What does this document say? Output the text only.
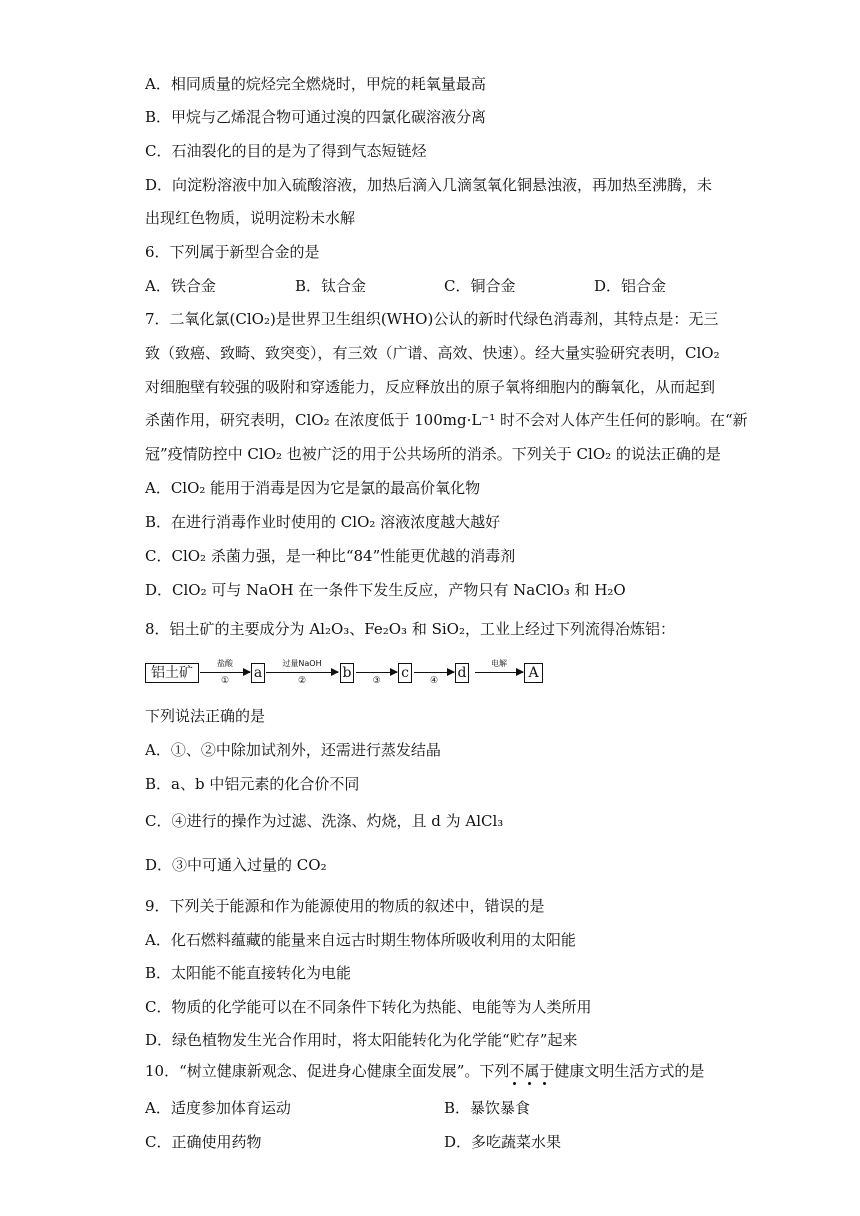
A．相同质量的烷烃完全燃烧时，甲烷的耗氧量最高
B．甲烷与乙烯混合物可通过溴的四氯化碳溶液分离
C．石油裂化的目的是为了得到气态短链烃
D．向淀粉溶液中加入硫酸溶液，加热后滴入几滴氢氧化铜悬浊液，再加热至沸腾，未
出现红色物质，说明淀粉未水解
6．下列属于新型合金的是
A．铁合金	B．钛合金	C．铜合金	D．铝合金
7．二氧化氯(ClO₂)是世界卫生组织(WHO)公认的新时代绿色消毒剂，其特点是：无三
致（致癌、致畸、致突变），有三效（广谱、高效、快速）。经大量实验研究表明，ClO₂
对细胞壁有较强的吸附和穿透能力，反应释放出的原子氧将细胞内的酶氧化，从而起到
杀菌作用，研究表明，ClO₂ 在浓度低于 100mg·L⁻¹ 时不会对人体产生任何的影响。在“新
冠”疫情防控中 ClO₂ 也被广泛的用于公共场所的消杀。下列关于 ClO₂ 的说法正确的是
A．ClO₂ 能用于消毒是因为它是氯的最高价氧化物
B．在进行消毒作业时使用的 ClO₂ 溶液浓度越大越好
C．ClO₂ 杀菌力强，是一种比“84”性能更优越的消毒剂
D．ClO₂ 可与 NaOH 在一条件下发生反应，产物只有 NaClO₃ 和 H₂O
8．铝土矿的主要成分为 Al₂O₃、Fe₂O₃ 和 SiO₂，工业上经过下列流得冶炼铝：
铝土矿
盐酸
①	a
过量NaOH
②	b	③	c	④	d
电解
A
下列说法正确的是
A．①、②中除加试剂外，还需进行蒸发结晶
B．a、b 中铝元素的化合价不同
C．④进行的操作为过滤、洗涤、灼烧，且 d 为 AlCl₃
D．③中可通入过量的 CO₂
9．下列关于能源和作为能源使用的物质的叙述中，错误的是
A．化石燃料蕴藏的能量来自远古时期生物体所吸收利用的太阳能
B．太阳能不能直接转化为电能
C．物质的化学能可以在不同条件下转化为热能、电能等为人类所用
D．绿色植物发生光合作用时，将太阳能转化为化学能“贮存”起来
10．“树立健康新观念、促进身心健康全面发展”。下列不属于健康文明生活方式的是
A．适度参加体育运动	B．暴饮暴食
C．正确使用药物	D．多吃蔬菜水果
